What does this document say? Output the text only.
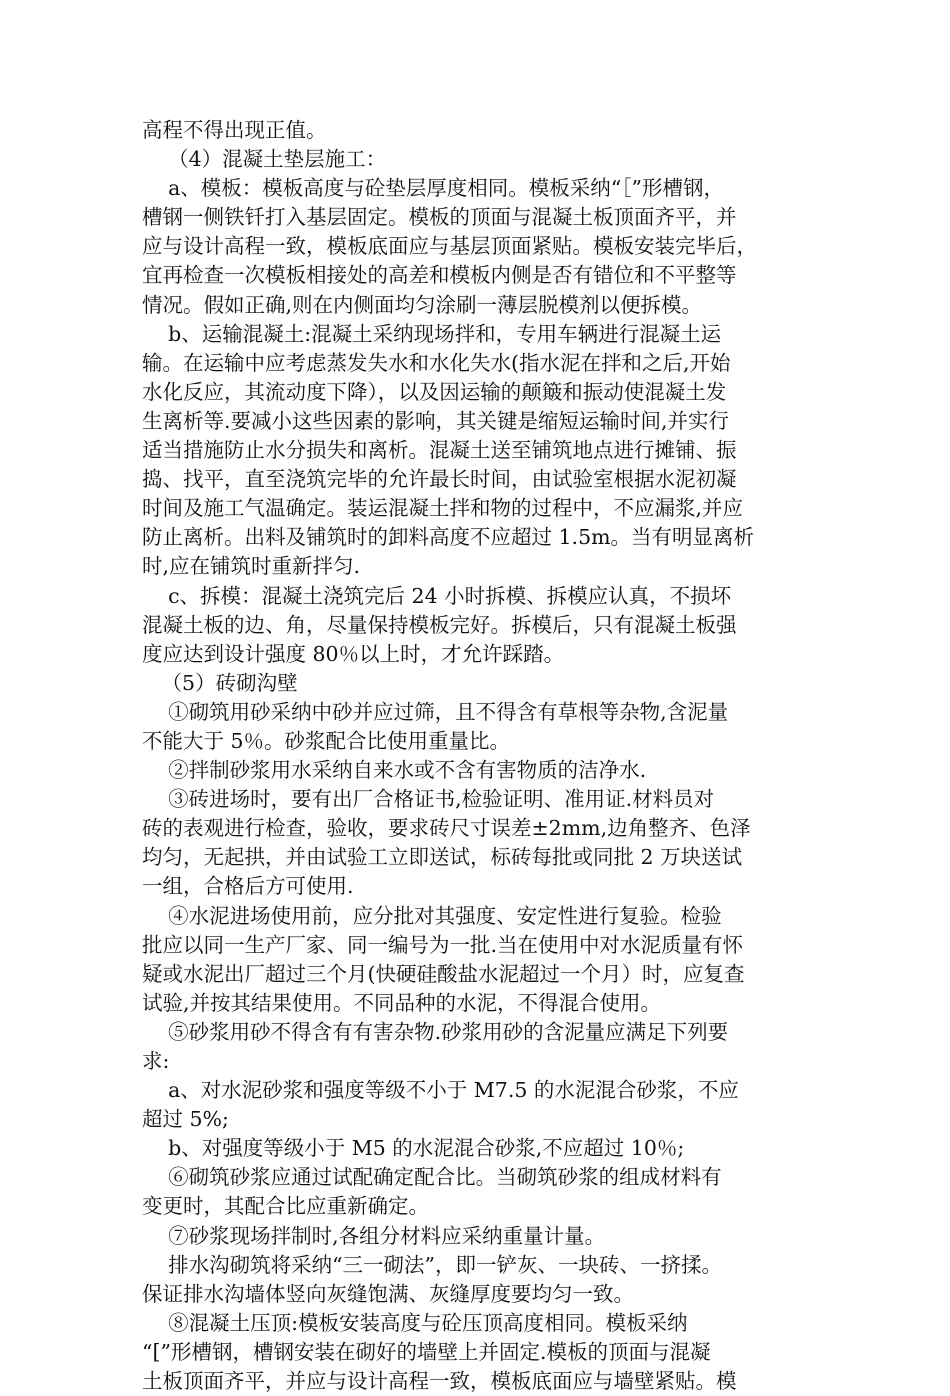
高程不得出现正值。
（4）混凝土垫层施工：
a、模板：模板高度与砼垫层厚度相同。模板采纳“［”形槽钢，
槽钢一侧铁钎打入基层固定。模板的顶面与混凝土板顶面齐平，并
应与设计高程一致，模板底面应与基层顶面紧贴。模板安装完毕后，
宜再检查一次模板相接处的高差和模板内侧是否有错位和不平整等
情况。假如正确,则在内侧面均匀涂刷一薄层脱模剂以便拆模。
b、运输混凝土:混凝土采纳现场拌和，专用车辆进行混凝土运
输。在运输中应考虑蒸发失水和水化失水(指水泥在拌和之后,开始
水化反应，其流动度下降），以及因运输的颠簸和振动使混凝土发
生离析等.要减小这些因素的影响，其关键是缩短运输时间,并实行
适当措施防止水分损失和离析。混凝土送至铺筑地点进行摊铺、振
捣、找平，直至浇筑完毕的允许最长时间，由试验室根据水泥初凝
时间及施工气温确定。装运混凝土拌和物的过程中，不应漏浆,并应
防止离析。出料及铺筑时的卸料高度不应超过 1.5m。当有明显离析
时,应在铺筑时重新拌匀.
c、拆模：混凝土浇筑完后 24 小时拆模、拆模应认真，不损坏
混凝土板的边、角，尽量保持模板完好。拆模后，只有混凝土板强
度应达到设计强度 80％以上时，才允许踩踏。
（5）砖砌沟壁
①砌筑用砂采纳中砂并应过筛，且不得含有草根等杂物,含泥量
不能大于 5％。砂浆配合比使用重量比。
②拌制砂浆用水采纳自来水或不含有害物质的洁净水.
③砖进场时，要有出厂合格证书,检验证明、准用证.材料员对
砖的表观进行检查，验收，要求砖尺寸误差±2mm,边角整齐、色泽
均匀，无起拱，并由试验工立即送试，标砖每批或同批 2 万块送试
一组，合格后方可使用.
④水泥进场使用前，应分批对其强度、安定性进行复验。检验
批应以同一生产厂家、同一编号为一批.当在使用中对水泥质量有怀
疑或水泥出厂超过三个月(快硬硅酸盐水泥超过一个月）时，应复查
试验,并按其结果使用。不同品种的水泥，不得混合使用。
⑤砂浆用砂不得含有有害杂物.砂浆用砂的含泥量应满足下列要
求:
a、对水泥砂浆和强度等级不小于 M7.5 的水泥混合砂浆，不应
超过 5%;
b、对强度等级小于 M5 的水泥混合砂浆,不应超过 10％;
⑥砌筑砂浆应通过试配确定配合比。当砌筑砂浆的组成材料有
变更时，其配合比应重新确定。
⑦砂浆现场拌制时,各组分材料应采纳重量计量。
排水沟砌筑将采纳“三一砌法”，即一铲灰、一块砖、一挤揉。
保证排水沟墙体竖向灰缝饱满、灰缝厚度要均匀一致。
⑧混凝土压顶:模板安装高度与砼压顶高度相同。模板采纳
“[”形槽钢，槽钢安装在砌好的墙壁上并固定.模板的顶面与混凝
土板顶面齐平，并应与设计高程一致，模板底面应与墙壁紧贴。模
